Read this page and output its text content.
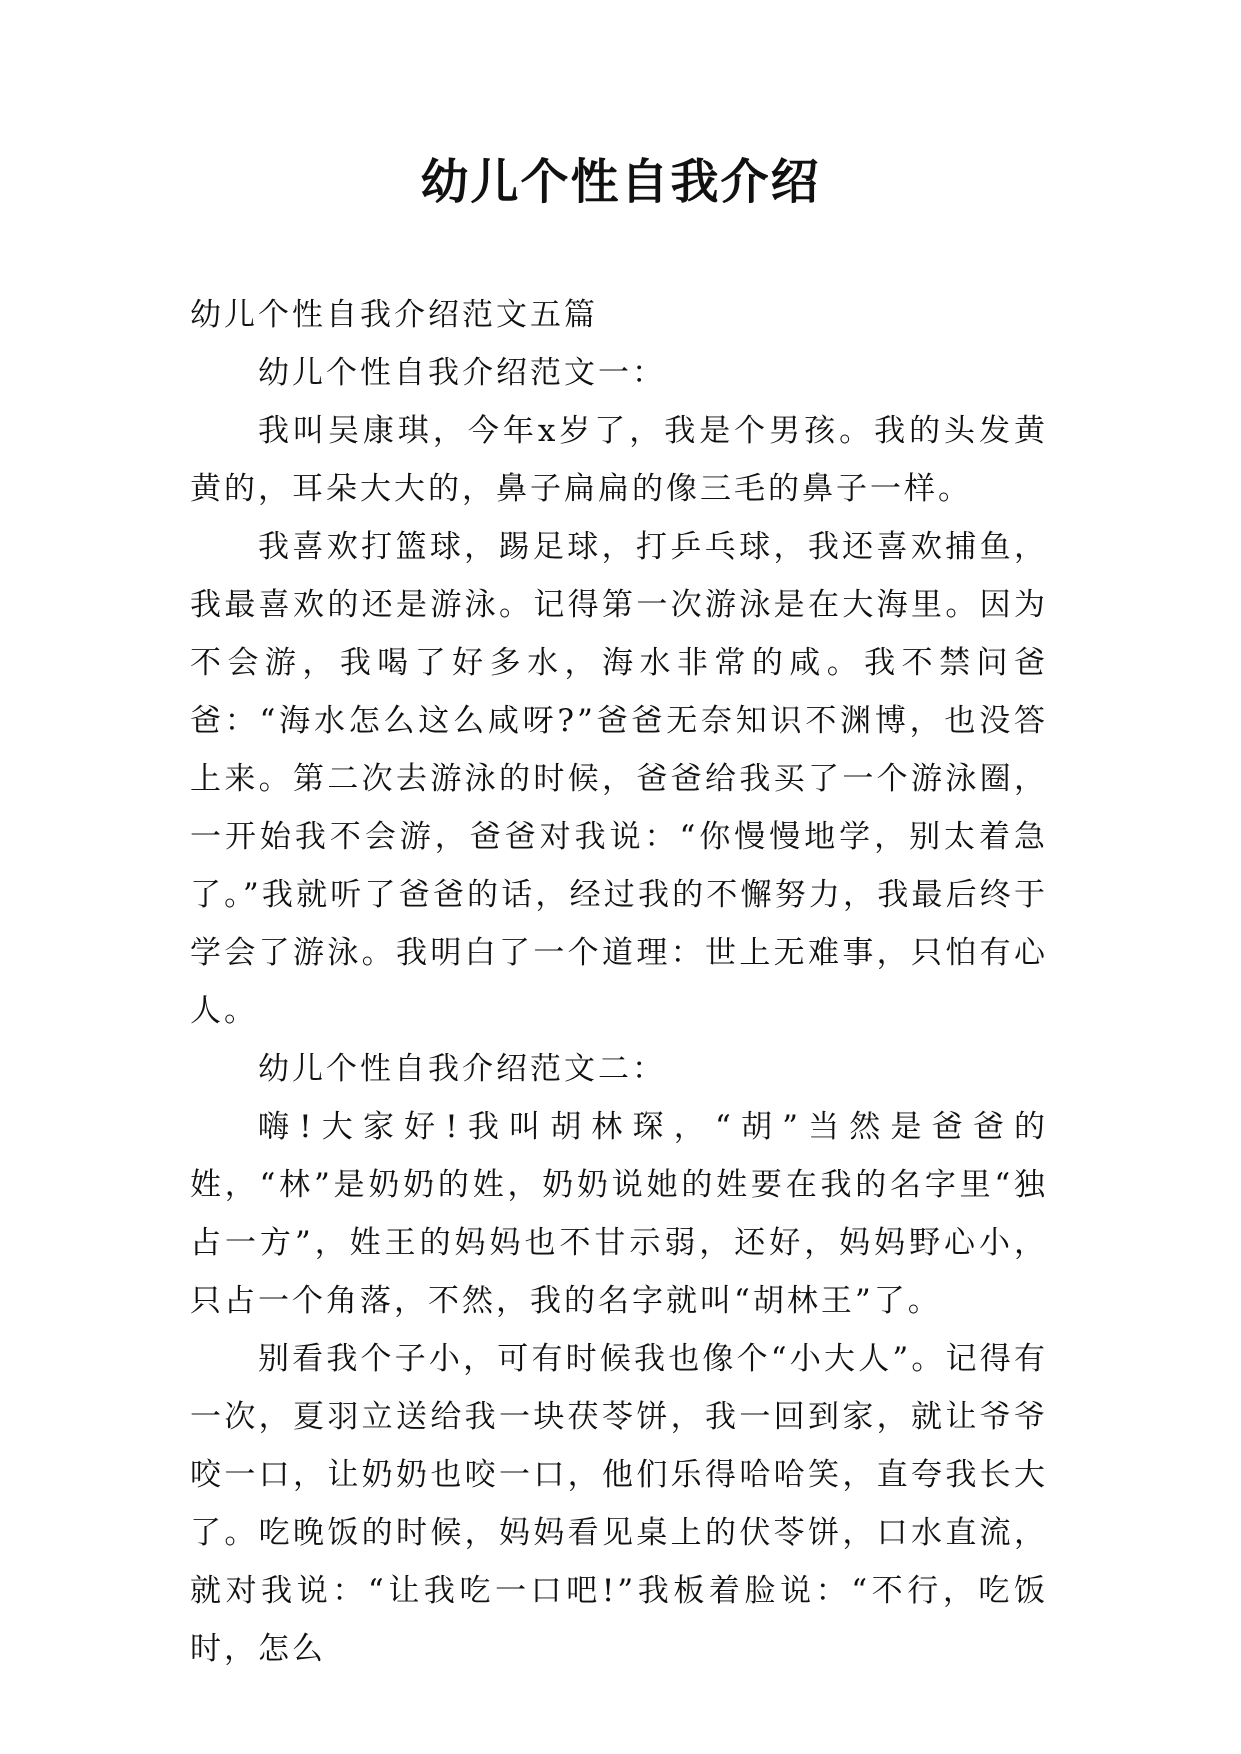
幼儿个性自我介绍

幼儿个性自我介绍范文五篇

幼儿个性自我介绍范文一：

我叫吴康琪，今年x岁了，我是个男孩。我的头发黄黄的，耳朵大大的，鼻子扁扁的像三毛的鼻子一样。

我喜欢打篮球，踢足球，打乒乓球，我还喜欢捕鱼，我最喜欢的还是游泳。记得第一次游泳是在大海里。因为不会游，我喝了好多水，海水非常的咸。我不禁问爸爸：“海水怎么这么咸呀?”爸爸无奈知识不渊博，也没答上来。第二次去游泳的时候，爸爸给我买了一个游泳圈，一开始我不会游，爸爸对我说：“你慢慢地学，别太着急了。”我就听了爸爸的话，经过我的不懈努力，我最后终于学会了游泳。我明白了一个道理：世上无难事，只怕有心人。

幼儿个性自我介绍范文二：

嗨!大家好!我叫胡林琛，“胡”当然是爸爸的姓，“林”是奶奶的姓，奶奶说她的姓要在我的名字里“独占一方”，姓王的妈妈也不甘示弱，还好，妈妈野心小，只占一个角落，不然，我的名字就叫“胡林王”了。

别看我个子小，可有时候我也像个“小大人”。记得有一次，夏羽立送给我一块茯苓饼，我一回到家，就让爷爷咬一口，让奶奶也咬一口，他们乐得哈哈笑，直夸我长大了。吃晚饭的时候，妈妈看见桌上的伏苓饼，口水直流，就对我说：“让我吃一口吧!”我板着脸说：“不行，吃饭时，怎么
